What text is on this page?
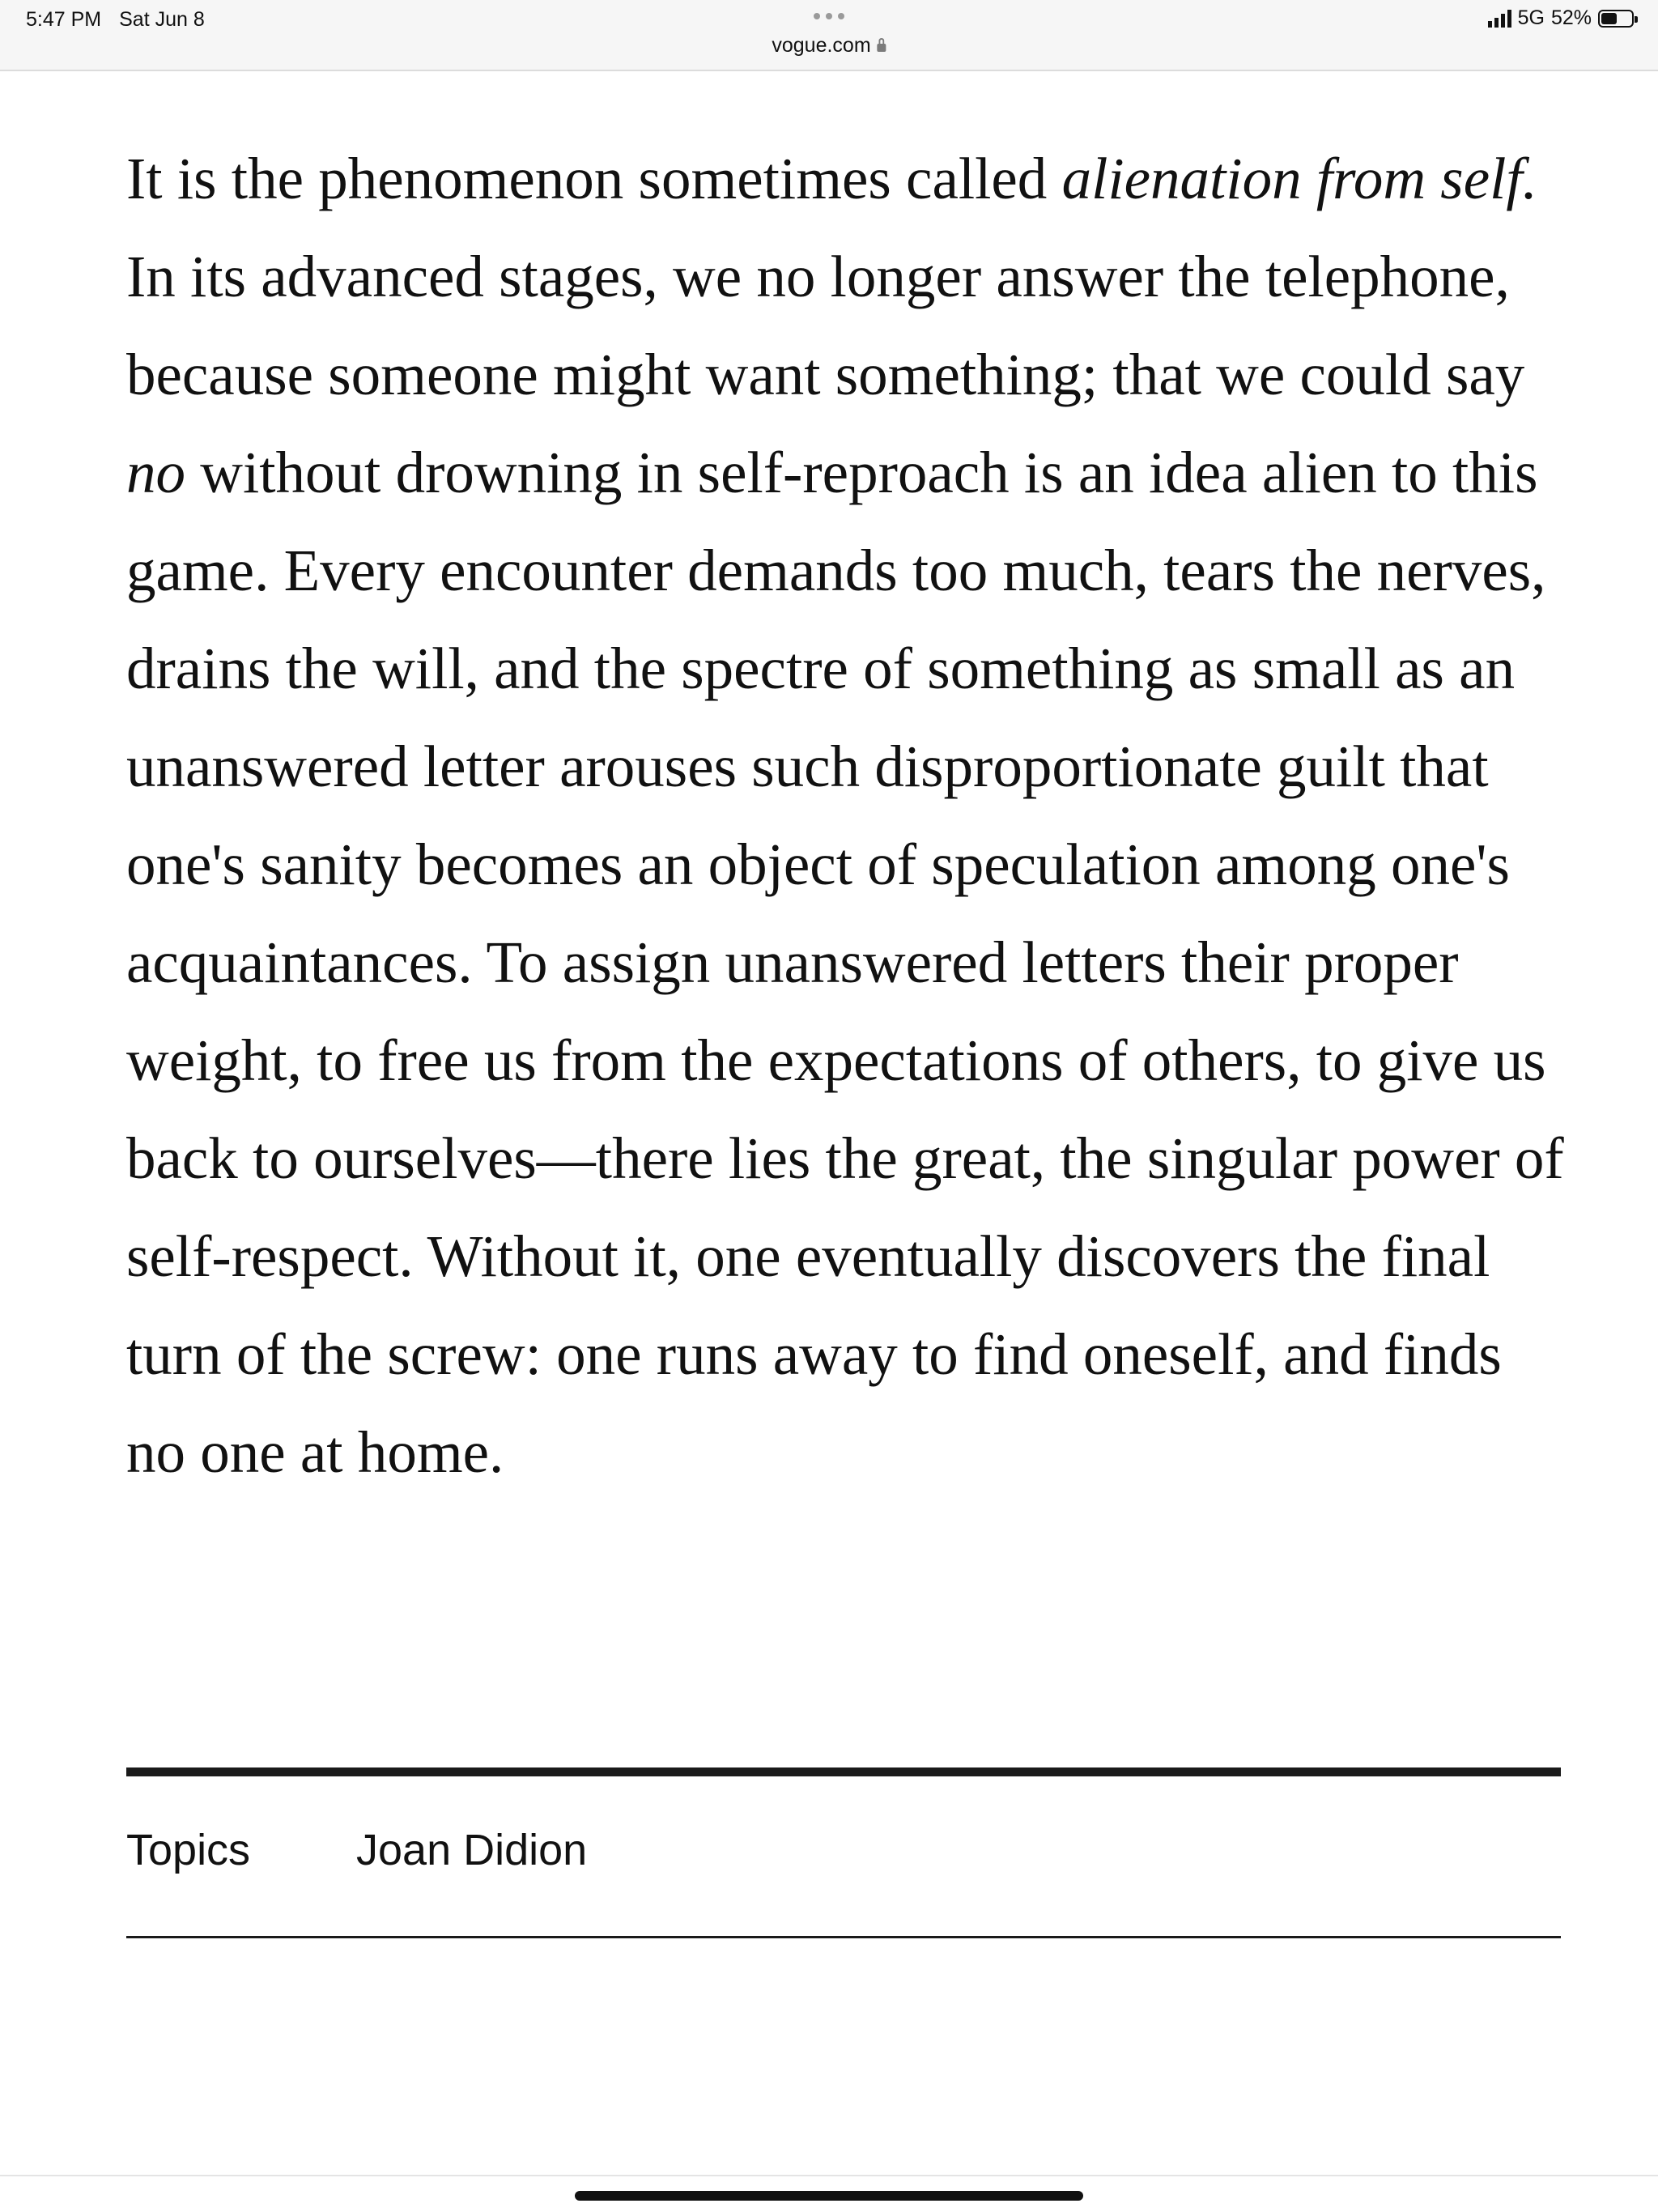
5:47 PM Sat Jun 8
vogue.com
5G 52%

It is the phenomenon sometimes called alienation from self. In its advanced stages, we no longer answer the telephone, because someone might want something; that we could say no without drowning in self-reproach is an idea alien to this game. Every encounter demands too much, tears the nerves, drains the will, and the spectre of something as small as an unanswered letter arouses such disproportionate guilt that one's sanity becomes an object of speculation among one's acquaintances. To assign unanswered letters their proper weight, to free us from the expectations of others, to give us back to ourselves—there lies the great, the singular power of self-respect. Without it, one eventually discovers the final turn of the screw: one runs away to find oneself, and finds no one at home.

Topics	Joan Didion
